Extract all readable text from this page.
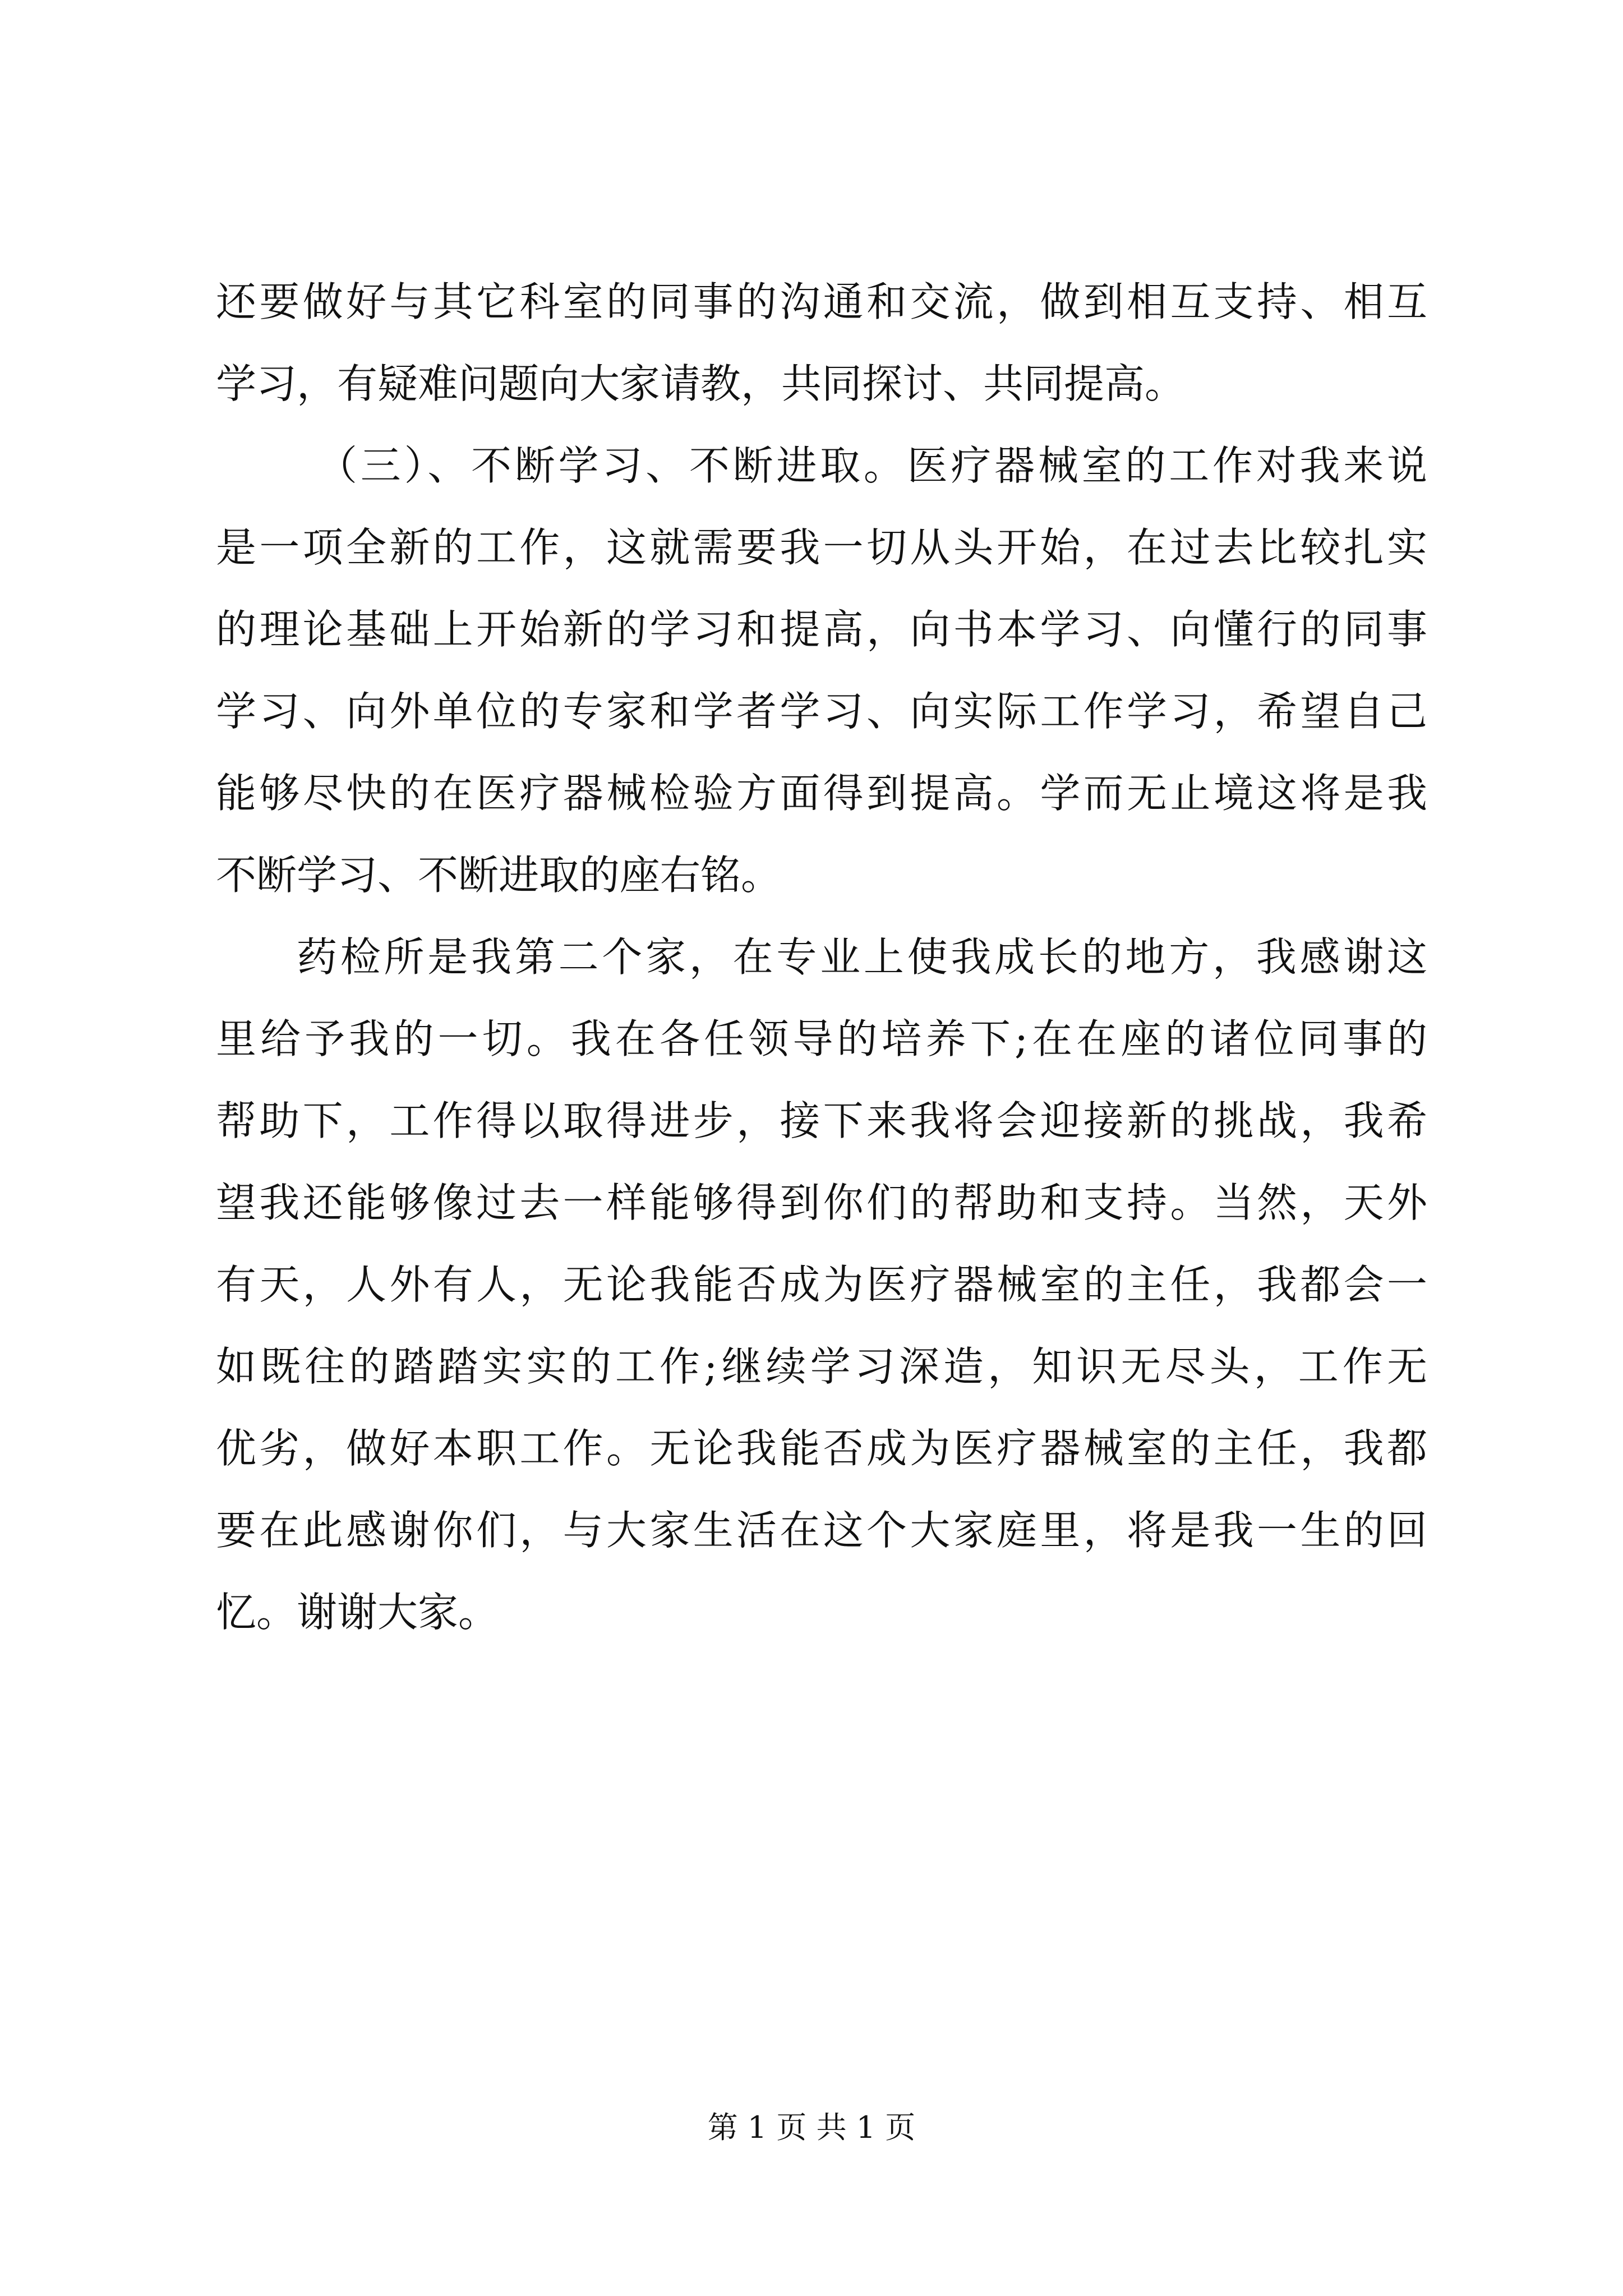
还要做好与其它科室的同事的沟通和交流，做到相互支持、相互
学习，有疑难问题向大家请教，共同探讨、共同提高。
（三）、不断学习、不断进取。医疗器械室的工作对我来说
是一项全新的工作，这就需要我一切从头开始，在过去比较扎实
的理论基础上开始新的学习和提高，向书本学习、向懂行的同事
学习、向外单位的专家和学者学习、向实际工作学习，希望自己
能够尽快的在医疗器械检验方面得到提高。学而无止境这将是我
不断学习、不断进取的座右铭。
药检所是我第二个家，在专业上使我成长的地方，我感谢这
里给予我的一切。我在各任领导的培养下;在在座的诸位同事的
帮助下，工作得以取得进步，接下来我将会迎接新的挑战，我希
望我还能够像过去一样能够得到你们的帮助和支持。当然，天外
有天，人外有人，无论我能否成为医疗器械室的主任，我都会一
如既往的踏踏实实的工作;继续学习深造，知识无尽头，工作无
优劣，做好本职工作。无论我能否成为医疗器械室的主任，我都
要在此感谢你们，与大家生活在这个大家庭里，将是我一生的回
忆。谢谢大家。
第 1 页 共 1 页
